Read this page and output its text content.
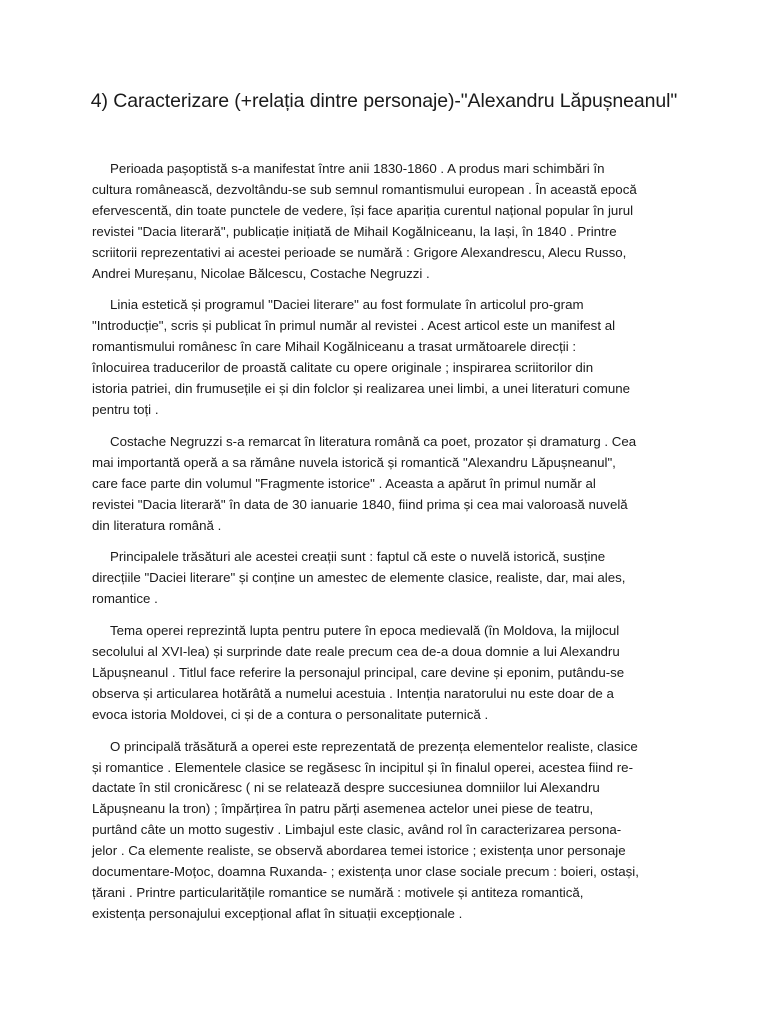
4) Caracterizare (+relația dintre personaje)-"Alexandru Lăpușneanul"

Perioada pașoptistă s-a manifestat între anii 1830-1860 . A produs mari schimbări în
cultura românească, dezvoltându-se sub semnul romantismului european . În această epocă
efervescentă, din toate punctele de vedere, își face apariția curentul național popular în jurul
revistei "Dacia literară", publicație inițiată de Mihail Kogălniceanu, la Iași, în 1840 . Printre
scriitorii reprezentativi ai acestei perioade se numără : Grigore Alexandrescu, Alecu Russo,
Andrei Mureșanu, Nicolae Bălcescu, Costache Negruzzi .

Linia estetică și programul "Daciei literare" au fost formulate în articolul pro-gram
"Introducție", scris și publicat în primul număr al revistei . Acest articol este un manifest al
romantismului românesc în care Mihail Kogălniceanu a trasat următoarele direcții :
înlocuirea traducerilor de proastă calitate cu opere originale ; inspirarea scriitorilor din
istoria patriei, din frumusețile ei și din folclor și realizarea unei limbi, a unei literaturi comune
pentru toți .

Costache Negruzzi s-a remarcat în literatura română ca poet, prozator și dramaturg . Cea
mai importantă operă a sa rămâne nuvela istorică și romantică "Alexandru Lăpușneanul",
care face parte din volumul "Fragmente istorice" . Aceasta a apărut în primul număr al
revistei "Dacia literară" în data de 30 ianuarie 1840, fiind prima și cea mai valoroasă nuvelă
din literatura română .

Principalele trăsături ale acestei creații sunt : faptul că este o nuvelă istorică, susține
direcțiile "Daciei literare" și conține un amestec de elemente clasice, realiste, dar, mai ales,
romantice .

Tema operei reprezintă lupta pentru putere în epoca medievală (în Moldova, la mijlocul
secolului al XVI-lea) și surprinde date reale precum cea de-a doua domnie a lui Alexandru
Lăpușneanul . Titlul face referire la personajul principal, care devine și eponim, putându-se
observa și articularea hotărâtă a numelui acestuia . Intenția naratorului nu este doar de a
evoca istoria Moldovei, ci și de a contura o personalitate puternică .

O principală trăsătură a operei este reprezentată de prezența elementelor realiste, clasice
și romantice . Elementele clasice se regăsesc în incipitul și în finalul operei, acestea fiind re-
dactate în stil cronicăresc ( ni se relatează despre succesiunea domniilor lui Alexandru
Lăpușneanu la tron) ; împărțirea în patru părți asemenea actelor unei piese de teatru,
purtând câte un motto sugestiv . Limbajul este clasic, având rol în caracterizarea persona-
jelor . Ca elemente realiste, se observă abordarea temei istorice ; existența unor personaje
documentare-Moțoc, doamna Ruxanda- ; existența unor clase sociale precum : boieri, ostași,
țărani . Printre particularitățile romantice se numără : motivele și antiteza romantică,
existența personajului excepțional aflat în situații excepționale .
